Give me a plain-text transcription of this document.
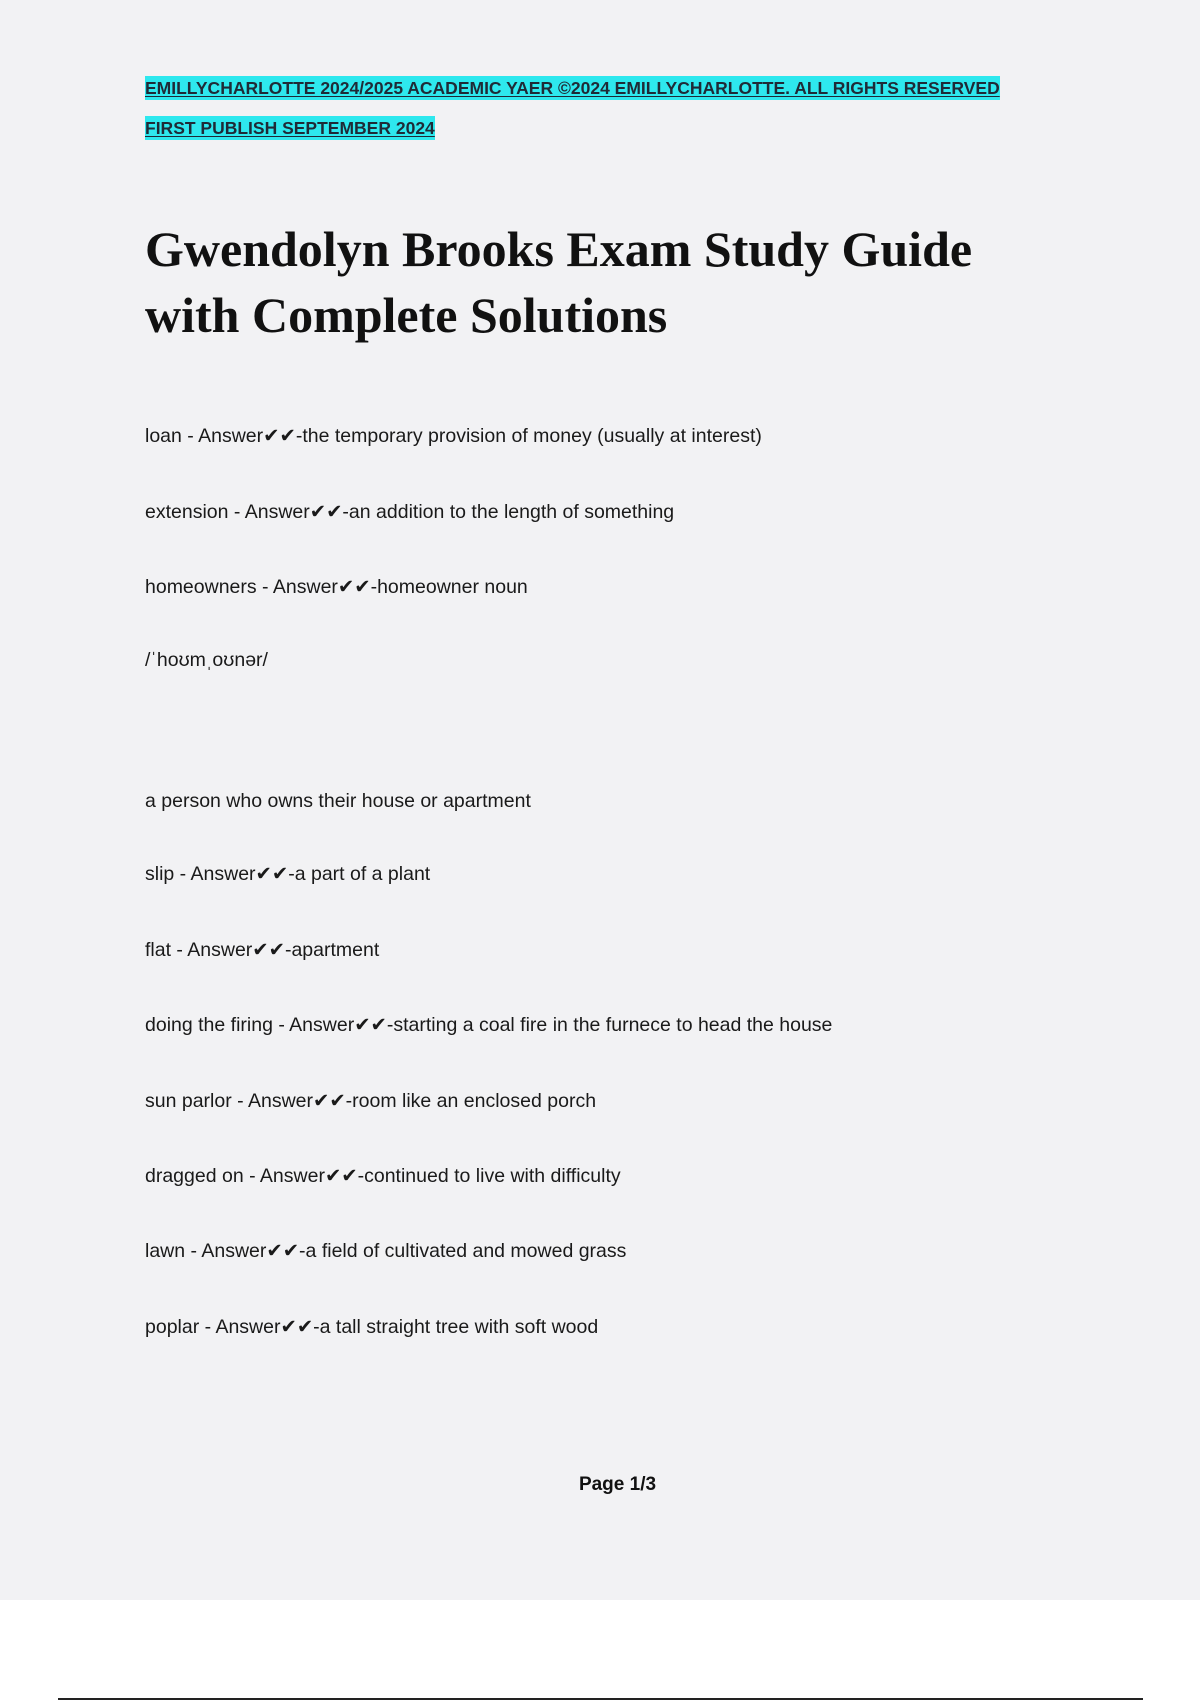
EMILLYCHARLOTTE 2024/2025 ACADEMIC YAER ©2024 EMILLYCHARLOTTE. ALL RIGHTS RESERVED
FIRST PUBLISH SEPTEMBER 2024
Gwendolyn Brooks Exam Study Guide
with Complete Solutions
loan - Answer✔✔-the temporary provision of money (usually at interest)
extension - Answer✔✔-an addition to the length of something
homeowners - Answer✔✔-homeowner noun
/ˈhoʊmˌoʊnər/
a person who owns their house or apartment
slip - Answer✔✔-a part of a plant
flat - Answer✔✔-apartment
doing the firing - Answer✔✔-starting a coal fire in the furnece to head the house
sun parlor - Answer✔✔-room like an enclosed porch
dragged on - Answer✔✔-continued to live with difficulty
lawn - Answer✔✔-a field of cultivated and mowed grass
poplar - Answer✔✔-a tall straight tree with soft wood
Page 1/3
